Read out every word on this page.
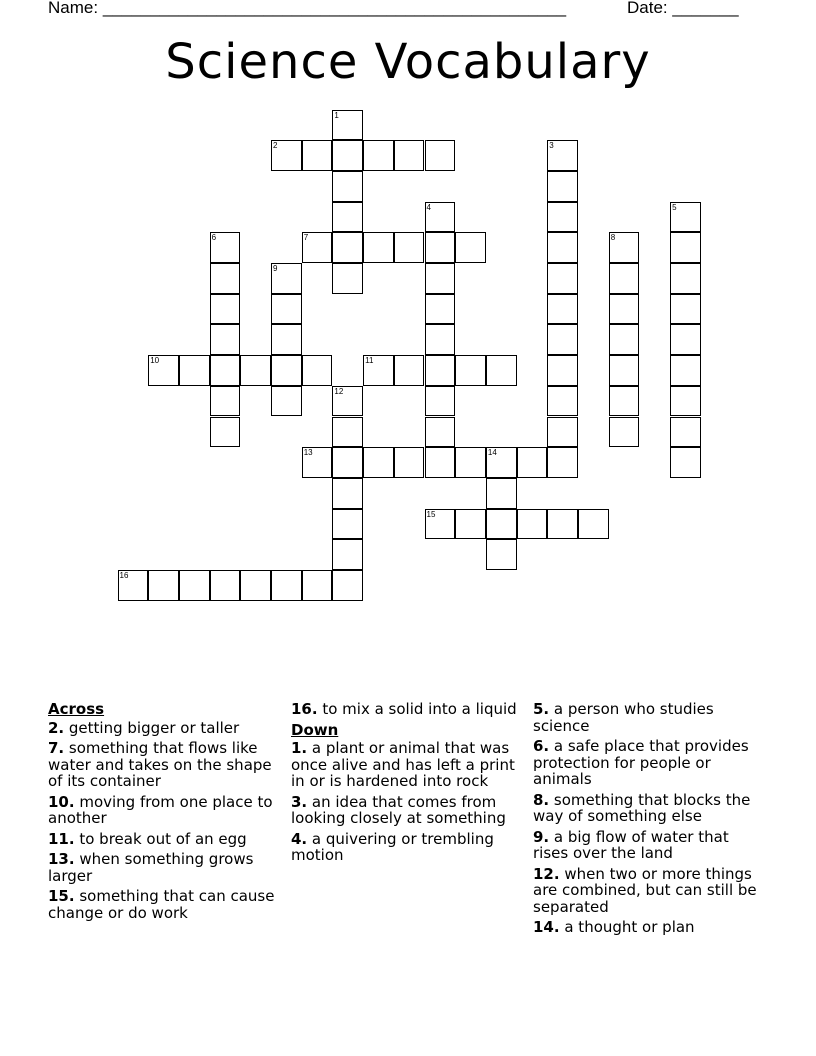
Name: _________________________________________________	Date: _______
Science Vocabulary
1
2	3
4	5
6	7	8
9
10	11
12
13	14
15
16
Across
2. getting bigger or taller
7. something that flows like water and takes on the shape of its container
10. moving from one place to another
11. to break out of an egg
13. when something grows larger
15. something that can cause change or do work
16. to mix a solid into a liquid
Down
1. a plant or animal that was once alive and has left a print in or is hardened into rock
3. an idea that comes from looking closely at something
4. a quivering or trembling motion
5. a person who studies science
6. a safe place that provides protection for people or animals
8. something that blocks the way of something else
9. a big flow of water that rises over the land
12. when two or more things are combined, but can still be separated
14. a thought or plan
